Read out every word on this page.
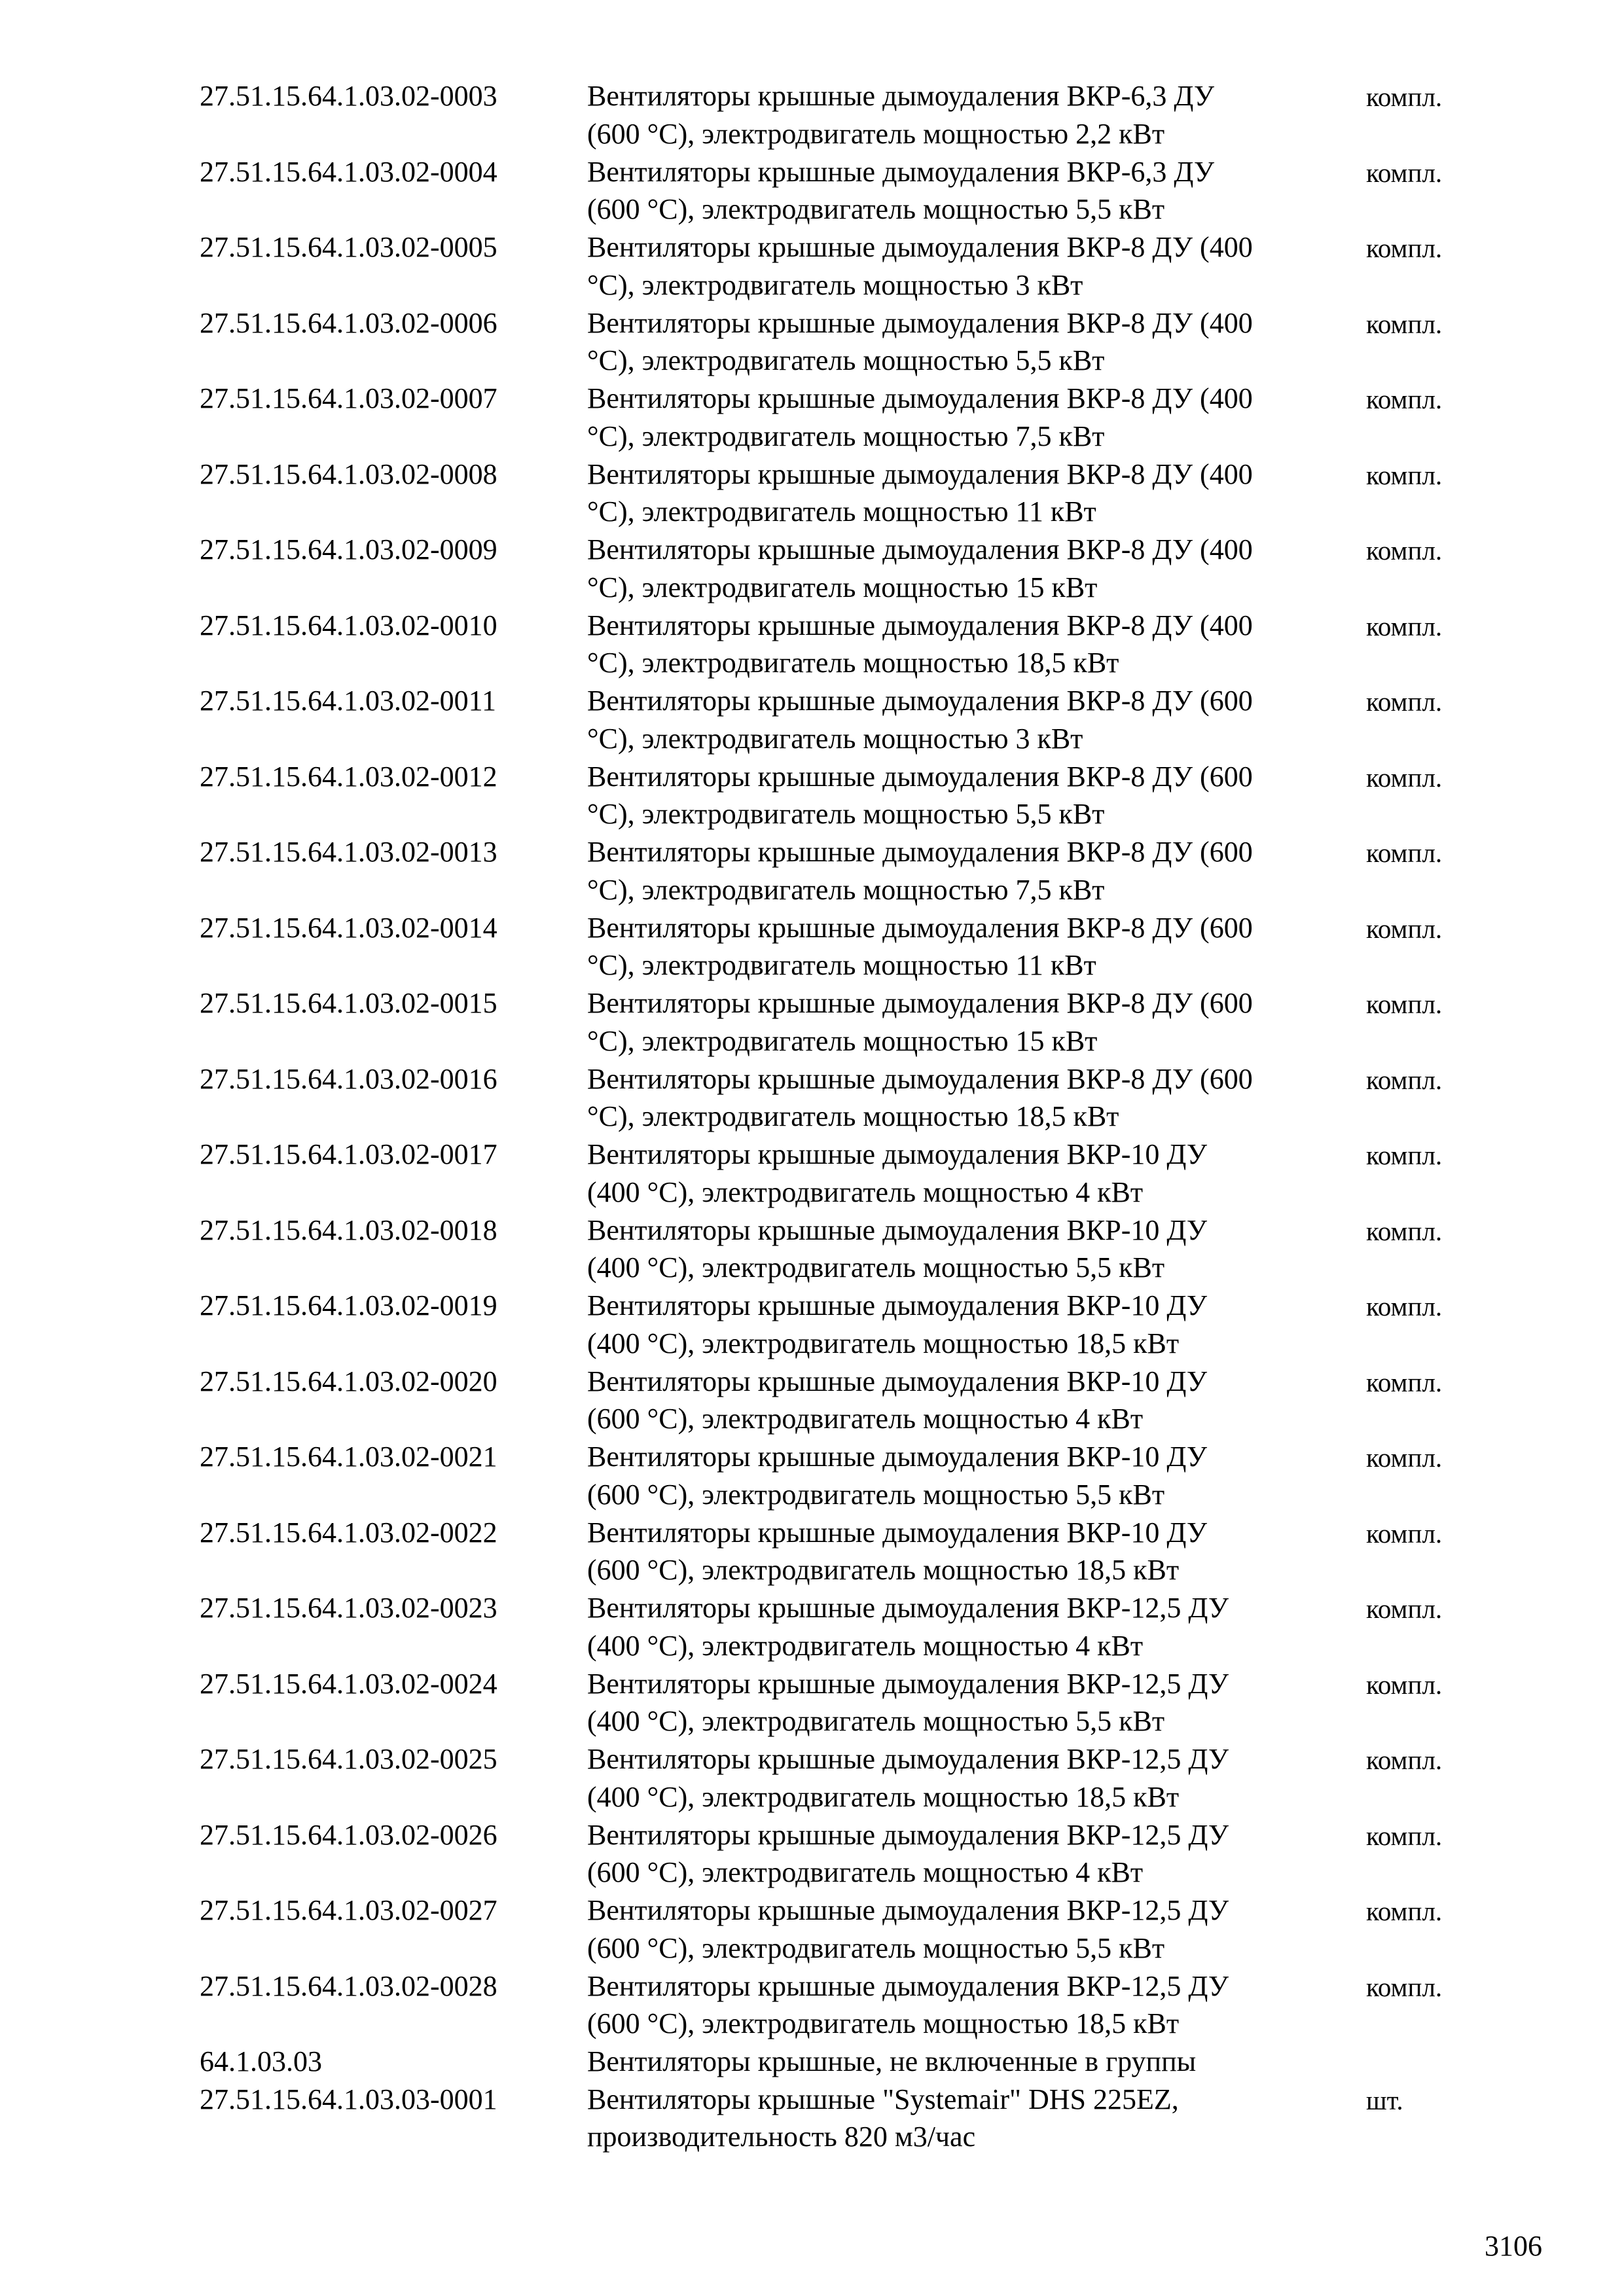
27.51.15.64.1.03.02-0003	Вентиляторы крышные дымоудаления ВКР-6,3 ДУ
(600 °C), электродвигатель мощностью 2,2 кВт
компл.
27.51.15.64.1.03.02-0004	Вентиляторы крышные дымоудаления ВКР-6,3 ДУ
(600 °C), электродвигатель мощностью 5,5 кВт
компл.
27.51.15.64.1.03.02-0005	Вентиляторы крышные дымоудаления ВКР-8 ДУ (400
°C), электродвигатель мощностью 3 кВт
компл.
27.51.15.64.1.03.02-0006	Вентиляторы крышные дымоудаления ВКР-8 ДУ (400
°C), электродвигатель мощностью 5,5 кВт
компл.
27.51.15.64.1.03.02-0007	Вентиляторы крышные дымоудаления ВКР-8 ДУ (400
°C), электродвигатель мощностью 7,5 кВт
компл.
27.51.15.64.1.03.02-0008	Вентиляторы крышные дымоудаления ВКР-8 ДУ (400
°C), электродвигатель мощностью 11 кВт
компл.
27.51.15.64.1.03.02-0009	Вентиляторы крышные дымоудаления ВКР-8 ДУ (400
°C), электродвигатель мощностью 15 кВт
компл.
27.51.15.64.1.03.02-0010	Вентиляторы крышные дымоудаления ВКР-8 ДУ (400
°C), электродвигатель мощностью 18,5 кВт
компл.
27.51.15.64.1.03.02-0011	Вентиляторы крышные дымоудаления ВКР-8 ДУ (600
°C), электродвигатель мощностью 3 кВт
компл.
27.51.15.64.1.03.02-0012	Вентиляторы крышные дымоудаления ВКР-8 ДУ (600
°C), электродвигатель мощностью 5,5 кВт
компл.
27.51.15.64.1.03.02-0013	Вентиляторы крышные дымоудаления ВКР-8 ДУ (600
°C), электродвигатель мощностью 7,5 кВт
компл.
27.51.15.64.1.03.02-0014	Вентиляторы крышные дымоудаления ВКР-8 ДУ (600
°C), электродвигатель мощностью 11 кВт
компл.
27.51.15.64.1.03.02-0015	Вентиляторы крышные дымоудаления ВКР-8 ДУ (600
°C), электродвигатель мощностью 15 кВт
компл.
27.51.15.64.1.03.02-0016	Вентиляторы крышные дымоудаления ВКР-8 ДУ (600
°C), электродвигатель мощностью 18,5 кВт
компл.
27.51.15.64.1.03.02-0017	Вентиляторы крышные дымоудаления ВКР-10 ДУ
(400 °C), электродвигатель мощностью 4 кВт
компл.
27.51.15.64.1.03.02-0018	Вентиляторы крышные дымоудаления ВКР-10 ДУ
(400 °C), электродвигатель мощностью 5,5 кВт
компл.
27.51.15.64.1.03.02-0019	Вентиляторы крышные дымоудаления ВКР-10 ДУ
(400 °C), электродвигатель мощностью 18,5 кВт
компл.
27.51.15.64.1.03.02-0020	Вентиляторы крышные дымоудаления ВКР-10 ДУ
(600 °C), электродвигатель мощностью 4 кВт
компл.
27.51.15.64.1.03.02-0021	Вентиляторы крышные дымоудаления ВКР-10 ДУ
(600 °C), электродвигатель мощностью 5,5 кВт
компл.
27.51.15.64.1.03.02-0022	Вентиляторы крышные дымоудаления ВКР-10 ДУ
(600 °C), электродвигатель мощностью 18,5 кВт
компл.
27.51.15.64.1.03.02-0023	Вентиляторы крышные дымоудаления ВКР-12,5 ДУ
(400 °C), электродвигатель мощностью 4 кВт
компл.
27.51.15.64.1.03.02-0024	Вентиляторы крышные дымоудаления ВКР-12,5 ДУ
(400 °C), электродвигатель мощностью 5,5 кВт
компл.
27.51.15.64.1.03.02-0025	Вентиляторы крышные дымоудаления ВКР-12,5 ДУ
(400 °C), электродвигатель мощностью 18,5 кВт
компл.
27.51.15.64.1.03.02-0026	Вентиляторы крышные дымоудаления ВКР-12,5 ДУ
(600 °C), электродвигатель мощностью 4 кВт
компл.
27.51.15.64.1.03.02-0027	Вентиляторы крышные дымоудаления ВКР-12,5 ДУ
(600 °C), электродвигатель мощностью 5,5 кВт
компл.
27.51.15.64.1.03.02-0028	Вентиляторы крышные дымоудаления ВКР-12,5 ДУ
(600 °C), электродвигатель мощностью 18,5 кВт
компл.
64.1.03.03	Вентиляторы крышные, не включенные в группы
27.51.15.64.1.03.03-0001	Вентиляторы крышные "Systemair" DHS 225EZ,
производительность 820 м3/час
шт.
3106
